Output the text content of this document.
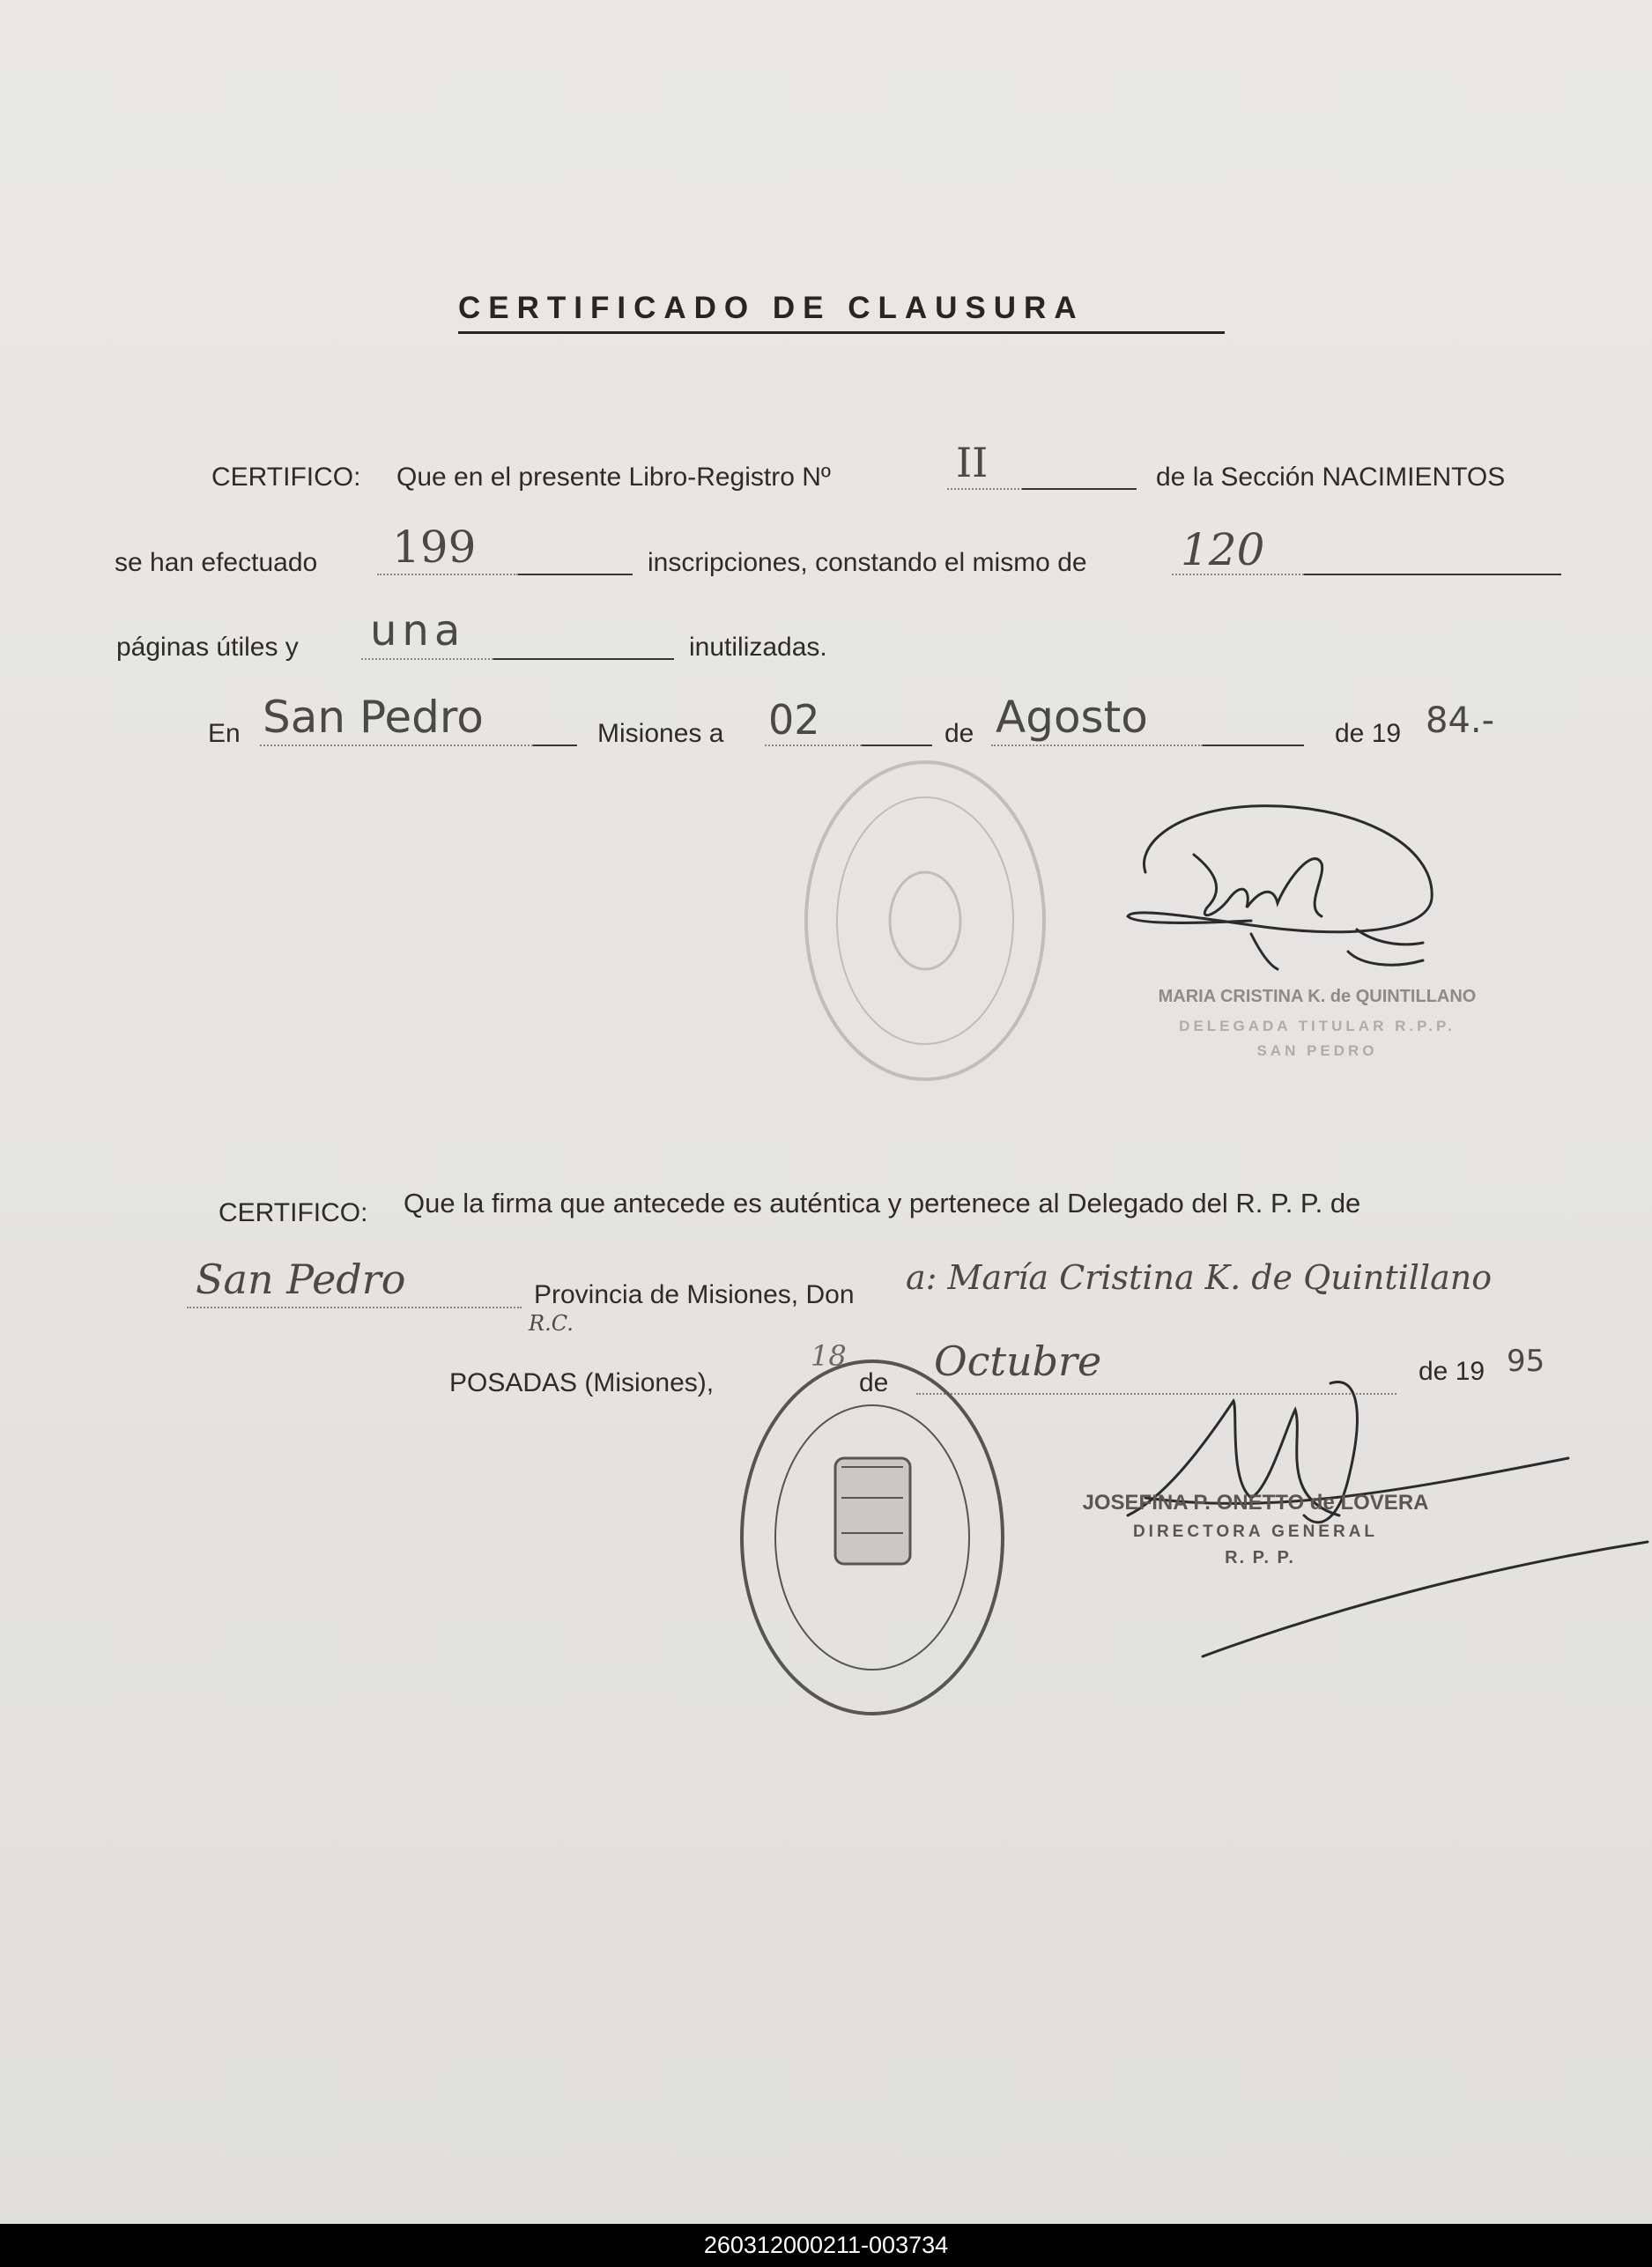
CERTIFICADO DE CLAUSURA
CERTIFICO: Que en el presente Libro-Registro Nº	II	de la Sección NACIMIENTOS
se han efectuado 199	inscripciones, constando el mismo de 120
páginas útiles y una	inutilizadas.
En San Pedro	Misiones a 02	de Agosto	de 19 84.-
MARIA CRISTINA K. de QUINTILLANO
DELEGADA TITULAR R.P.P.
SAN PEDRO
CERTIFICO: Que la firma que antecede es auténtica y pertenece al Delegado del R. P. P. de
San Pedro	Provincia de Misiones, Don a: María Cristina K. de Quintillano
R.C.
POSADAS (Misiones),
18
de Octubre	de 19 95
JOSEFINA P. ONETTO de LOVERA
DIRECTORA GENERAL
R. P. P.
260312000211-003734
